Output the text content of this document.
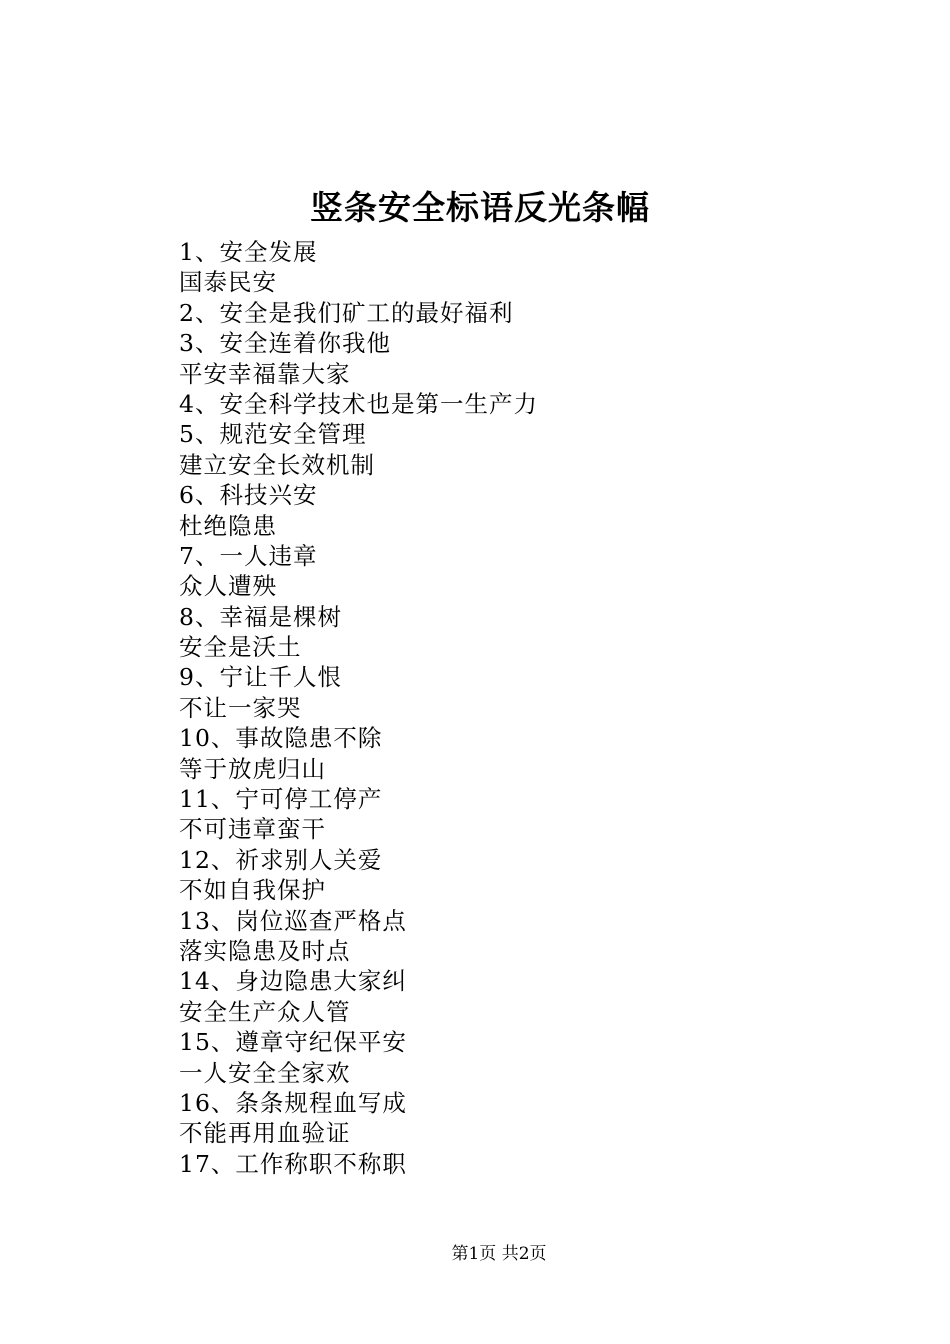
竖条安全标语反光条幅
1、安全发展
国泰民安
2、安全是我们矿工的最好福利
3、安全连着你我他
平安幸福靠大家
4、安全科学技术也是第一生产力
5、规范安全管理
建立安全长效机制
6、科技兴安
杜绝隐患
7、一人违章
众人遭殃
8、幸福是棵树
安全是沃土
9、宁让千人恨
不让一家哭
10、事故隐患不除
等于放虎归山
11、宁可停工停产
不可违章蛮干
12、祈求别人关爱
不如自我保护
13、岗位巡查严格点
落实隐患及时点
14、身边隐患大家纠
安全生产众人管
15、遵章守纪保平安
一人安全全家欢
16、条条规程血写成
不能再用血验证
17、工作称职不称职
第1页 共2页
